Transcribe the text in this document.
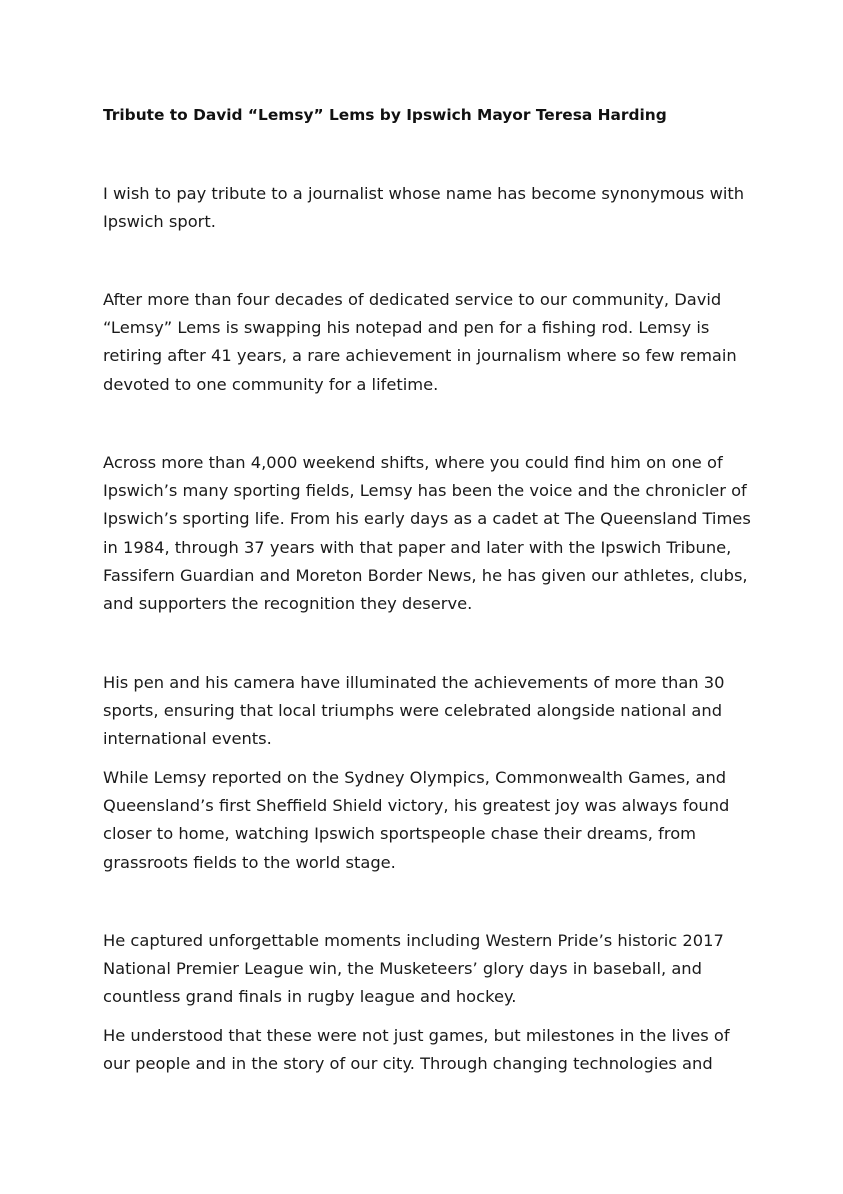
Tribute to David “Lemsy” Lems by Ipswich Mayor Teresa Harding

I wish to pay tribute to a journalist whose name has become synonymous with Ipswich sport.

After more than four decades of dedicated service to our community, David “Lemsy” Lems is swapping his notepad and pen for a fishing rod. Lemsy is retiring after 41 years, a rare achievement in journalism where so few remain devoted to one community for a lifetime.

Across more than 4,000 weekend shifts, where you could find him on one of Ipswich’s many sporting fields, Lemsy has been the voice and the chronicler of Ipswich’s sporting life. From his early days as a cadet at The Queensland Times in 1984, through 37 years with that paper and later with the Ipswich Tribune, Fassifern Guardian and Moreton Border News, he has given our athletes, clubs, and supporters the recognition they deserve.

His pen and his camera have illuminated the achievements of more than 30 sports, ensuring that local triumphs were celebrated alongside national and international events.

While Lemsy reported on the Sydney Olympics, Commonwealth Games, and Queensland’s first Sheffield Shield victory, his greatest joy was always found closer to home, watching Ipswich sportspeople chase their dreams, from grassroots fields to the world stage.

He captured unforgettable moments including Western Pride’s historic 2017 National Premier League win, the Musketeers’ glory days in baseball, and countless grand finals in rugby league and hockey.

He understood that these were not just games, but milestones in the lives of our people and in the story of our city. Through changing technologies and
